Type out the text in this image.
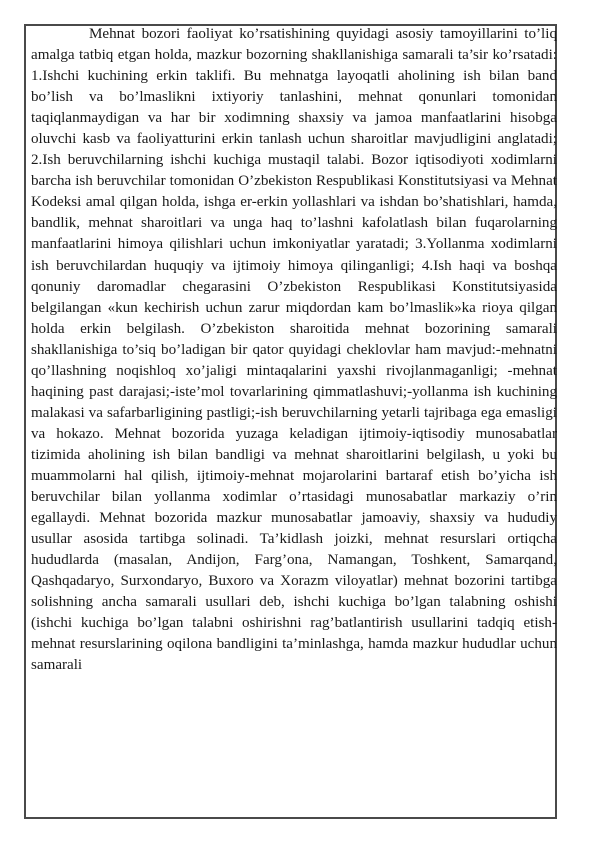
Mehnat bozori faoliyat ko’rsatishining quyidagi asosiy tamoyillarini to’liq amalga tatbiq etgan holda, mazkur bozorning shakllanishiga samarali ta’sir ko’rsatadi: 1.Ishchi kuchining erkin taklifi. Bu mehnatga layoqatli aholining ish bilan band bo’lish va bo’lmaslikni ixtiyoriy tanlashini, mehnat qonunlari tomonidan taqiqlanmaydigan va har bir xodimning shaxsiy va jamoa manfaatlarini hisobga oluvchi kasb va faoliyatturini erkin tanlash uchun sharoitlar mavjudligini anglatadi; 2.Ish beruvchilarning ishchi kuchiga mustaqil talabi. Bozor iqtisodiyoti xodimlarni barcha ish beruvchilar tomonidan O’zbekiston Respublikasi Konstitutsiyasi va Mehnat Kodeksi amal qilgan holda, ishga er-erkin yollashlari va ishdan bo’shatishlari, hamda, bandlik, mehnat sharoitlari va unga haq to’lashni kafolatlash bilan fuqarolarning manfaatlarini himoya qilishlari uchun imkoniyatlar yaratadi; 3.Yollanma xodimlarni ish beruvchilardan huquqiy va ijtimoiy himoya qilinganligi; 4.Ish haqi va boshqa qonuniy daromadlar chegarasini O’zbekiston Respublikasi Konstitutsiyasida belgilangan «kun kechirish uchun zarur miqdordan kam bo’lmaslik»ka rioya qilgan holda erkin belgilash. O’zbekiston sharoitida mehnat bozorining samarali shakllanishiga to’siq bo’ladigan bir qator quyidagi cheklovlar ham mavjud:-mehnatni qo’llashning noqishloq xo’jaligi mintaqalarini yaxshi rivojlanmaganligi; -mehnat haqining past darajasi;-iste’mol tovarlarining qimmatlashuvi;-yollanma ish kuchining malakasi va safarbarligining pastligi;-ish beruvchilarning yetarli tajribaga ega emasligi va hokazo. Mehnat bozorida yuzaga keladigan ijtimoiy-iqtisodiy munosabatlar tizimida aholining ish bilan bandligi va mehnat sharoitlarini belgilash, u yoki bu muammolarni hal qilish, ijtimoiy-mehnat mojarolarini bartaraf etish bo’yicha ish beruvchilar bilan yollanma xodimlar o’rtasidagi munosabatlar markaziy o’rin egallaydi. Mehnat bozorida mazkur munosabatlar jamoaviy, shaxsiy va hududiy usullar asosida tartibga solinadi. Ta’kidlash joizki, mehnat resurslari ortiqcha hududlarda (masalan, Andijon, Farg’ona, Namangan, Toshkent, Samarqand, Qashqadaryo, Surxondaryo, Buxoro va Xorazm viloyatlar) mehnat bozorini tartibga solishning ancha samarali usullari deb, ishchi kuchiga bo’lgan talabning oshishi (ishchi kuchiga bo’lgan talabni oshirishni rag’batlantirish usullarini tadqiq etish-mehnat resurslarining oqilona bandligini ta’minlashga, hamda mazkur hududlar uchun samarali
